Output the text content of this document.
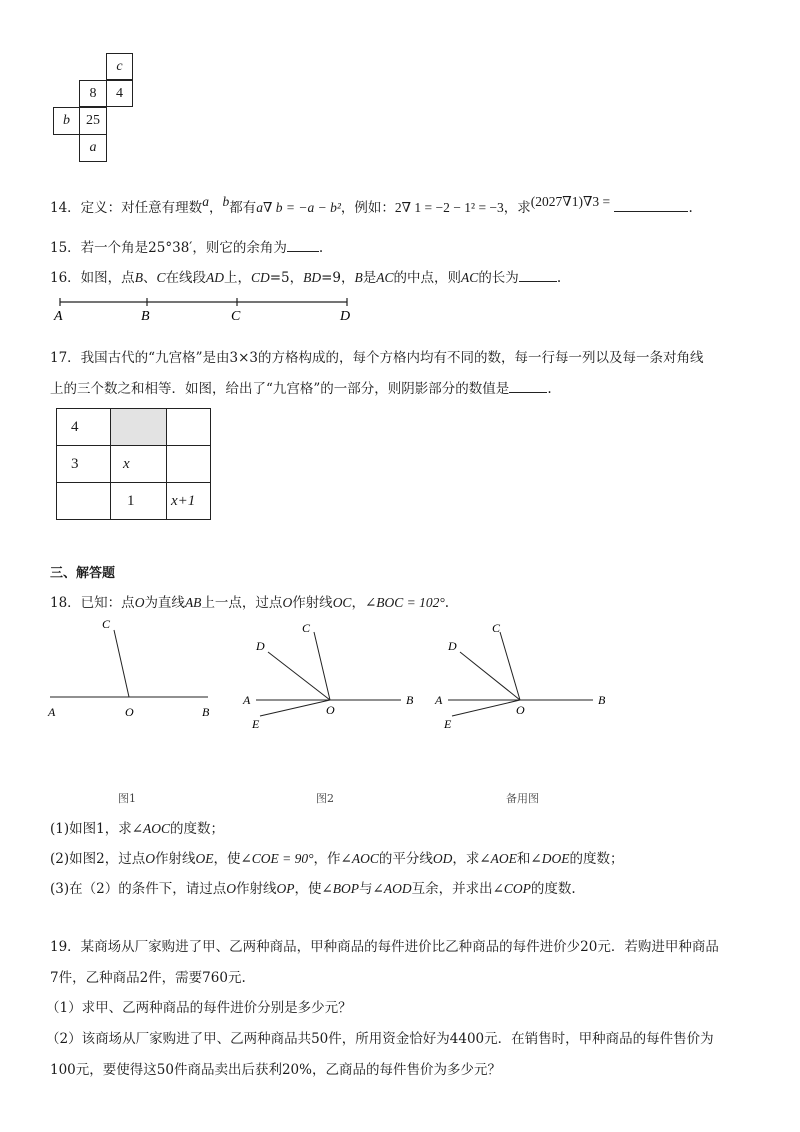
c
8	4
b	25
a
14．定义：对任意有理数a，b都有a∇ b = −a − b²，例如：2∇ 1 = −2 − 1² = −3，求(2027∇1)∇3 =	.
15．若一个角是25°38′，则它的余角为 .
16．如图，点B、C在线段AD上，CD=5，BD=9，B是AC的中点，则AC的长为	.
A	B	C	D
17．我国古代的“九宫格”是由3×3的方格构成的，每个方格内均有不同的数，每一行每一列以及每一条对角线
上的三个数之和相等．如图，给出了“九宫格”的一部分，则阴影部分的数值是	.
4		
3	x	
	1	x+1
三、解答题
18．已知：点O为直线AB上一点，过点O作射线OC，∠BOC = 102°.
A	O	B
C
A
O
B
C
D
E
A
O
B
C
D
E
图1	图2	备用图
(1)如图1，求∠AOC的度数；
(2)如图2，过点O作射线OE，使∠COE = 90°，作∠AOC的平分线OD，求∠AOE和∠DOE的度数；
(3)在（2）的条件下，请过点O作射线OP，使∠BOP与∠AOD互余，并求出∠COP的度数.
19．某商场从厂家购进了甲、乙两种商品，甲种商品的每件进价比乙种商品的每件进价少20元．若购进甲种商品
7件，乙种商品2件，需要760元.
（1）求甲、乙两种商品的每件进价分别是多少元？
（2）该商场从厂家购进了甲、乙两种商品共50件，所用资金恰好为4400元．在销售时，甲种商品的每件售价为
100元，要使得这50件商品卖出后获利20%，乙商品的每件售价为多少元？
